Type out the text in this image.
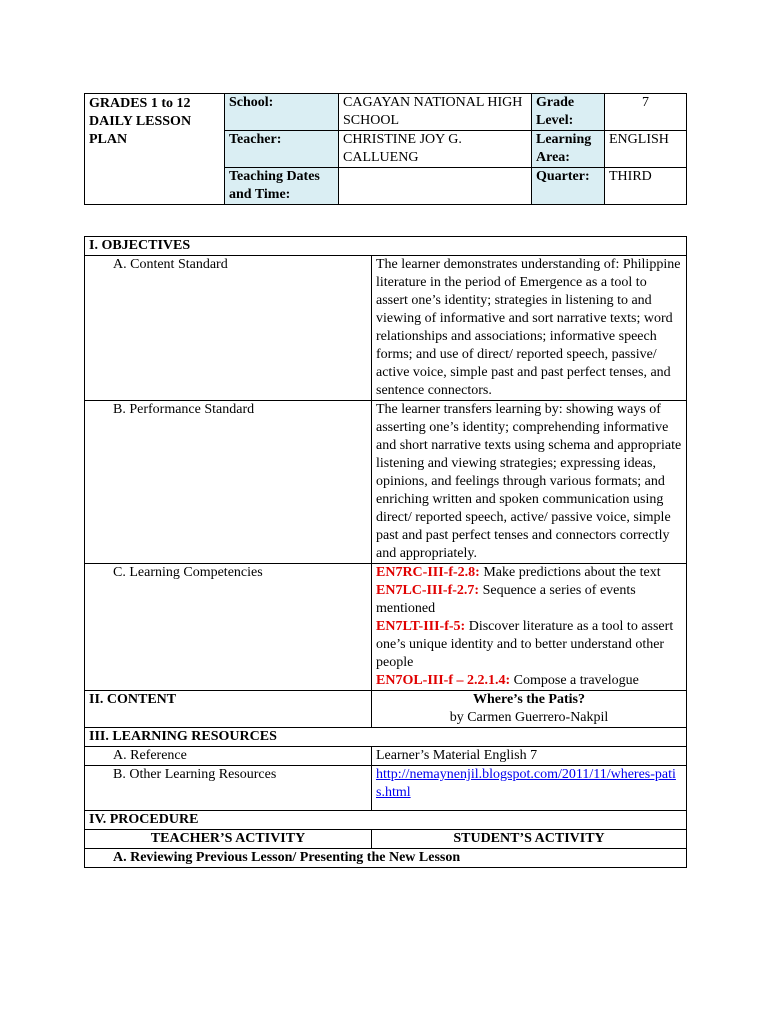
GRADES 1 to 12 DAILY LESSON PLAN	School:	CAGAYAN NATIONAL HIGH SCHOOL	Grade Level:	7
	Teacher:	CHRISTINE JOY G. CALLUENG	Learning Area:	ENGLISH
	Teaching Dates and Time:		Quarter:	THIRD
I. OBJECTIVES	
A. Content Standard	The learner demonstrates understanding of: Philippine literature in the period of Emergence as a tool to assert one’s identity; strategies in listening to and viewing of informative and sort narrative texts; word relationships and associations; informative speech forms; and use of direct/ reported speech, passive/ active voice, simple past and past perfect tenses, and sentence connectors.
B. Performance Standard	The learner transfers learning by: showing ways of asserting one’s identity; comprehending informative and short narrative texts using schema and appropriate listening and viewing strategies; expressing ideas, opinions, and feelings through various formats; and enriching written and spoken communication using direct/ reported speech, active/ passive voice, simple past and past perfect tenses and connectors correctly and appropriately.
C. Learning Competencies	EN7RC-III-f-2.8: Make predictions about the text

EN7LC-III-f-2.7: Sequence a series of events mentioned

EN7LT-III-f-5: Discover literature as a tool to assert one’s unique identity and to better understand other people

EN7OL-III-f – 2.2.1.4: Compose a travelogue

II. CONTENT	Where’s the Patis?

by Carmen Guerrero-Nakpil

III. LEARNING RESOURCES	
A. Reference	Learner’s Material English 7
B. Other Learning Resources	http://nemaynenjil.blogspot.com/2011/11/wheres-patis.html
IV. PROCEDURE	
TEACHER’S ACTIVITY	STUDENT’S ACTIVITY
A. Reviewing Previous Lesson/ Presenting the New Lesson	
